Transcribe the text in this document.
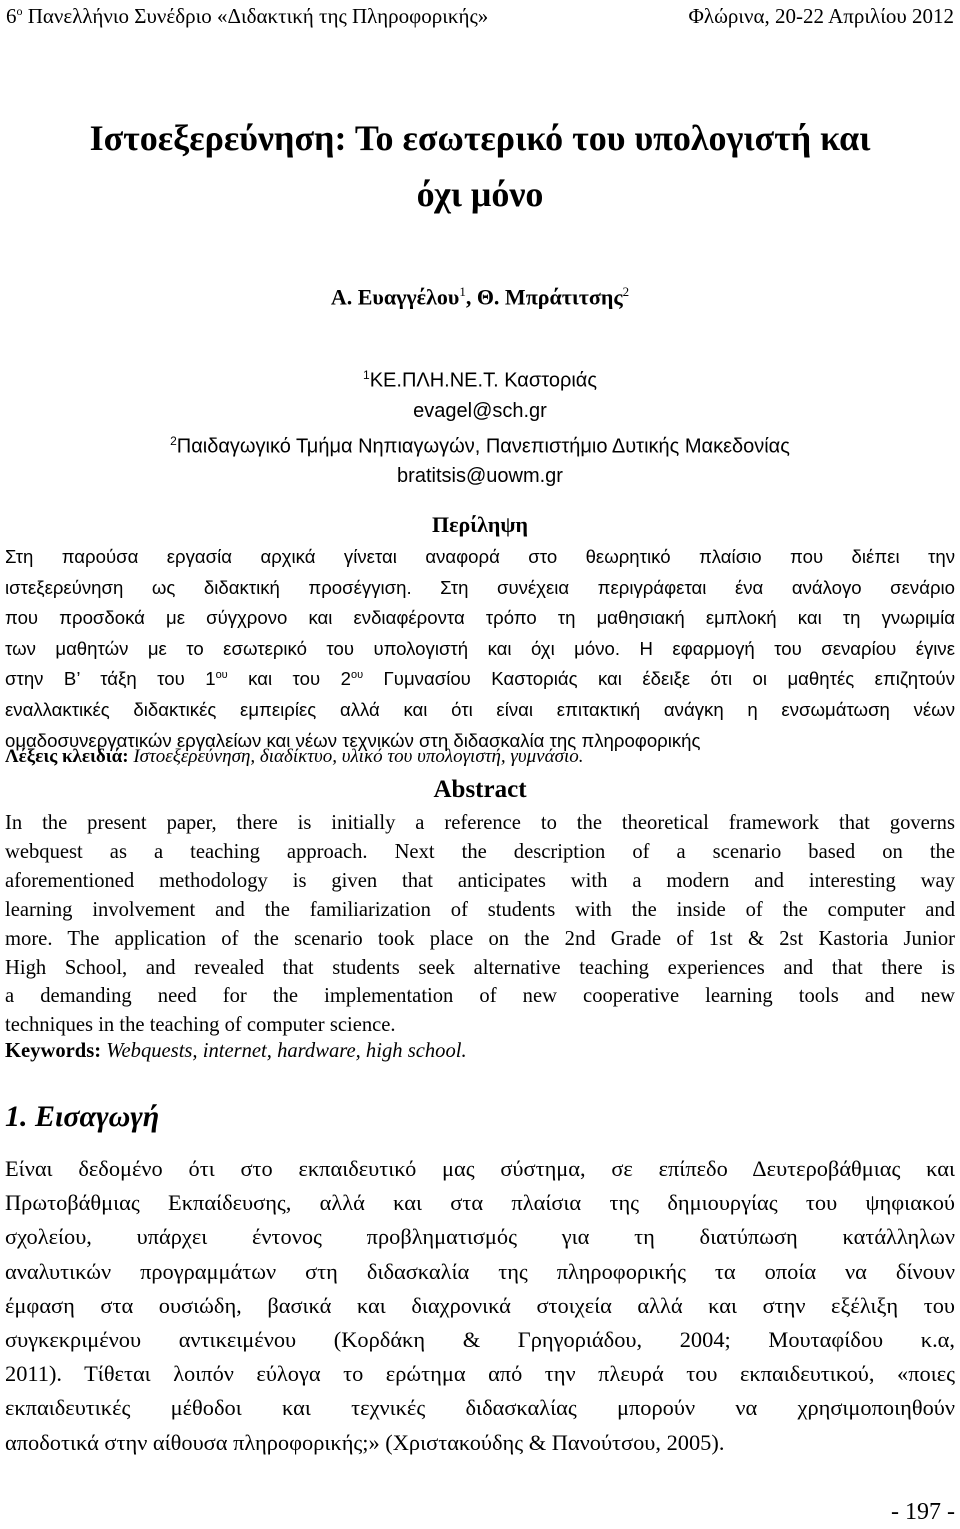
$6^o$ Πανελλήνιο Συνέδριο «Διδακτική της Πληροφορικής»	Φλώρινα, 20-22 Απριλίου 2012
Ιστοεξερεύνηση: Το εσωτερικό του υπολογιστή και
όχι μόνο
Α. Ευαγγέλου$^1$, Θ. Μπράτιτσης$^2$
$^1$ΚΕ.ΠΛΗ.ΝΕ.Τ. Καστοριάς
evagel@sch.gr
$^2$Παιδαγωγικό Τμήμα Νηπιαγωγών, Πανεπιστήμιο Δυτικής Μακεδονίας
bratitsis@uowm.gr
Περίληψη
Στη παρούσα εργασία αρχικά γίνεται αναφορά στο θεωρητικό πλαίσιο που διέπει την
ιστεξερεύνηση ως διδακτική προσέγγιση. Στη συνέχεια περιγράφεται ένα ανάλογο σενάριο
που προσδοκά με σύγχρονο και ενδιαφέροντα τρόπο τη μαθησιακή εμπλοκή και τη γνωριμία
των μαθητών με το εσωτερικό του υπολογιστή και όχι μόνο. Η εφαρμογή του σεναρίου έγινε
στην Β’ τάξη του $1^{o\upsilon}$ και του $2^{o\upsilon}$ Γυμνασίου Καστοριάς και έδειξε ότι οι μαθητές επιζητούν
εναλλακτικές διδακτικές εμπειρίες αλλά και ότι είναι επιτακτική ανάγκη η ενσωμάτωση νέων
ομαδοσυνεργατικών εργαλείων και νέων τεχνικών στη διδασκαλία της πληροφορικής
Λέξεις κλειδιά: Ιστοεξερεύνηση, διαδίκτυο, υλικό του υπολογιστή, γυμνάσιο.
Abstract
In the present paper, there is initially a reference to the theoretical framework that governs
webquest as a teaching approach. Next the description of a scenario based on the
aforementioned methodology is given that anticipates with a modern and interesting way
learning involvement and the familiarization of students with the inside of the computer and
more. The application of the scenario took place on the 2nd Grade of 1st & 2st Kastoria Junior
High School, and revealed that students seek alternative teaching experiences and that there is
a demanding need for the implementation of new cooperative learning tools and new
techniques in the teaching of computer science.
Keywords: Webquests, internet, hardware, high school.
1. Εισαγωγή
Είναι δεδομένο ότι στο εκπαιδευτικό μας σύστημα, σε επίπεδο Δευτεροβάθμιας και
Πρωτοβάθμιας Εκπαίδευσης, αλλά και στα πλαίσια της δημιουργίας του ψηφιακού
σχολείου, υπάρχει έντονος προβληματισμός για τη διατύπωση κατάλληλων
αναλυτικών προγραμμάτων στη διδασκαλία της πληροφορικής τα οποία να δίνουν
έμφαση στα ουσιώδη, βασικά και διαχρονικά στοιχεία αλλά και στην εξέλιξη του
συγκεκριμένου αντικειμένου (Κορδάκη & Γρηγοριάδου, 2004; Μουταφίδου κ.α,
2011). Τίθεται λοιπόν εύλογα το ερώτημα από την πλευρά του εκπαιδευτικού, «ποιες
εκπαιδευτικές μέθοδοι και τεχνικές διδασκαλίας μπορούν να χρησιμοποιηθούν
αποδοτικά στην αίθουσα πληροφορικής;» (Χριστακούδης & Πανούτσου, 2005).
- 197 -
